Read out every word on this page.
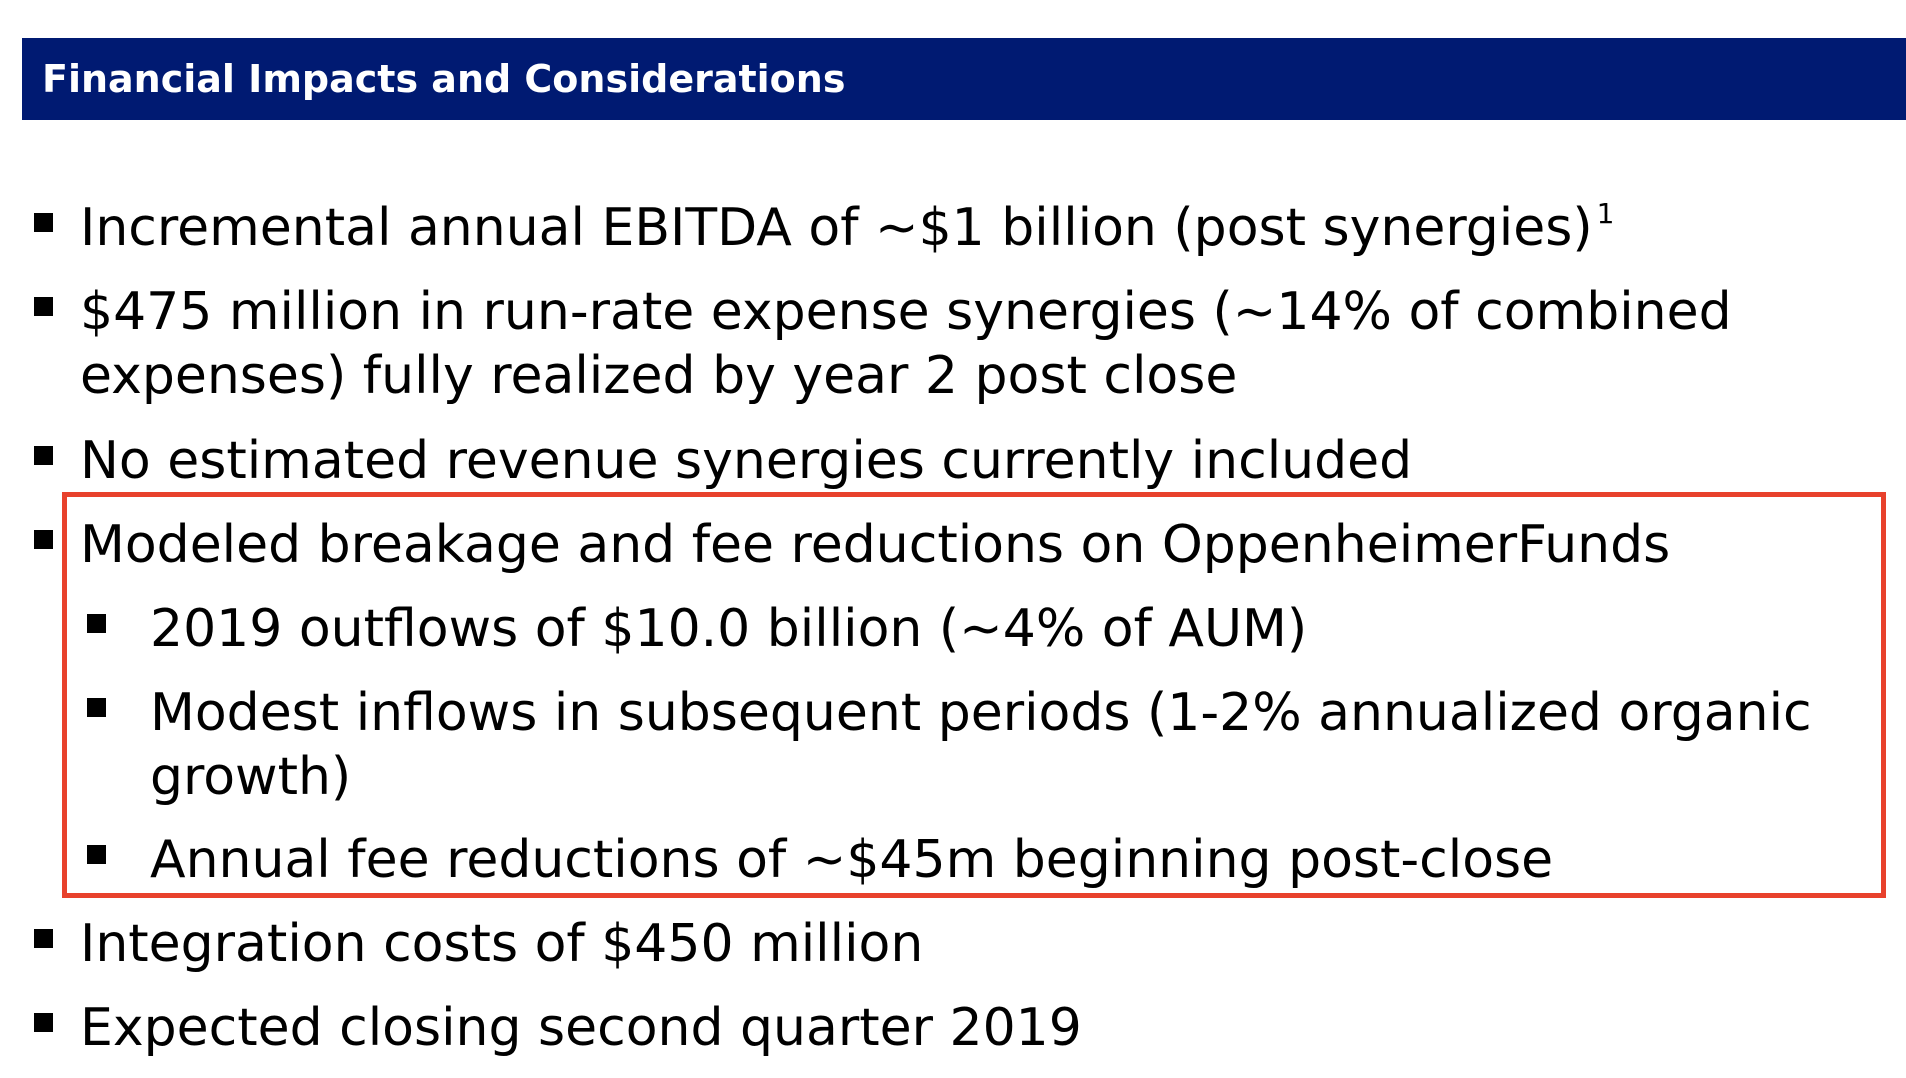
Financial Impacts and Considerations
Incremental annual EBITDA of ~$1 billion (post synergies) $^1$
$475 million in run-rate expense synergies (~14% of combined
expenses) fully realized by year 2 post close
No estimated revenue synergies currently included
Modeled breakage and fee reductions on OppenheimerFunds
2019 outflows of $10.0 billion (~4% of AUM)
Modest inflows in subsequent periods (1-2% annualized organic
growth)
Annual fee reductions of ~$45m beginning post-close
Integration costs of $450 million
Expected closing second quarter 2019
